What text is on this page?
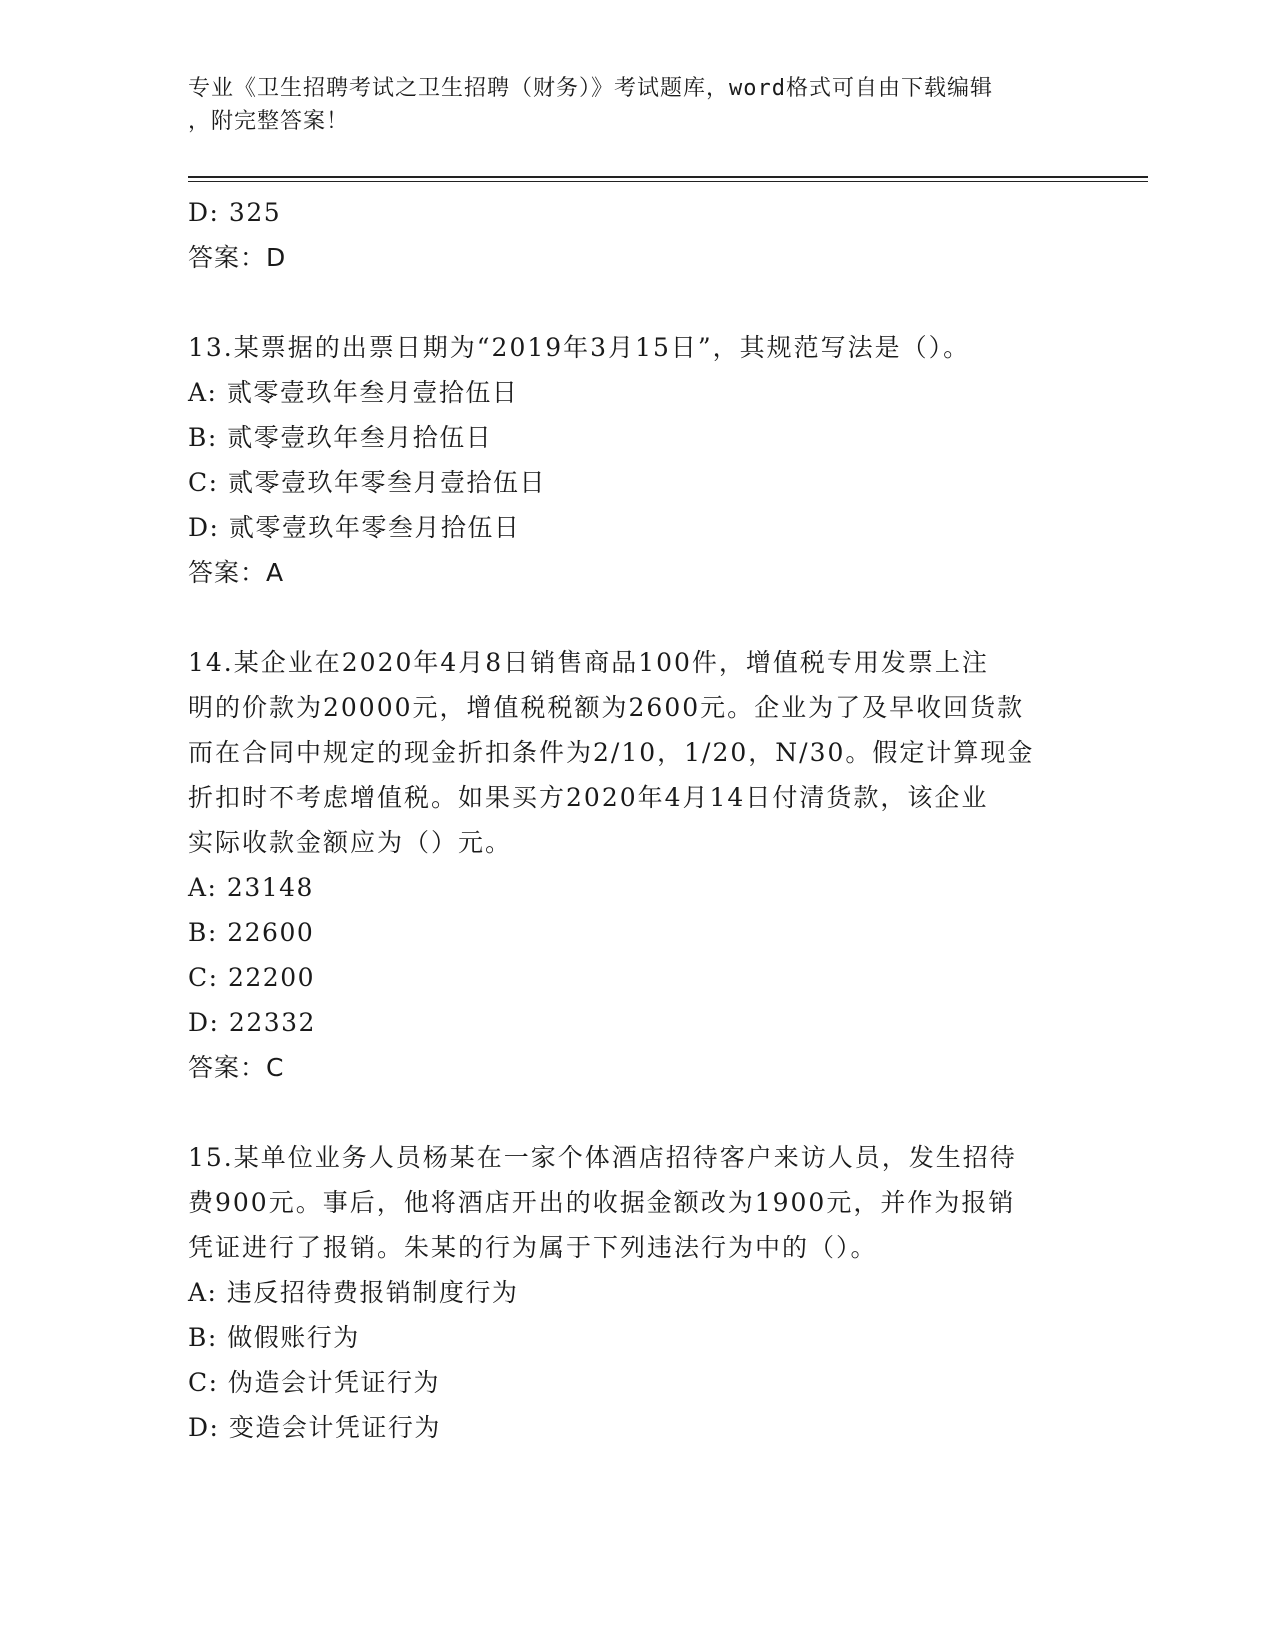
专业《卫生招聘考试之卫生招聘（财务）》考试题库，word格式可自由下载编辑
，附完整答案！
D: 325
答案：D
13.某票据的出票日期为“2019年3月15日”，其规范写法是（）。
A: 贰零壹玖年叁月壹拾伍日
B: 贰零壹玖年叁月拾伍日
C: 贰零壹玖年零叁月壹拾伍日
D: 贰零壹玖年零叁月拾伍日
答案：A
14.某企业在2020年4月8日销售商品100件，增值税专用发票上注
明的价款为20000元，增值税税额为2600元。企业为了及早收回货款
而在合同中规定的现金折扣条件为2/10，1/20，N/30。假定计算现金
折扣时不考虑增值税。如果买方2020年4月14日付清货款，该企业
实际收款金额应为（）元。
A: 23148
B: 22600
C: 22200
D: 22332
答案：C
15.某单位业务人员杨某在一家个体酒店招待客户来访人员，发生招待
费900元。事后，他将酒店开出的收据金额改为1900元，并作为报销
凭证进行了报销。朱某的行为属于下列违法行为中的（）。
A: 违反招待费报销制度行为
B: 做假账行为
C: 伪造会计凭证行为
D: 变造会计凭证行为
